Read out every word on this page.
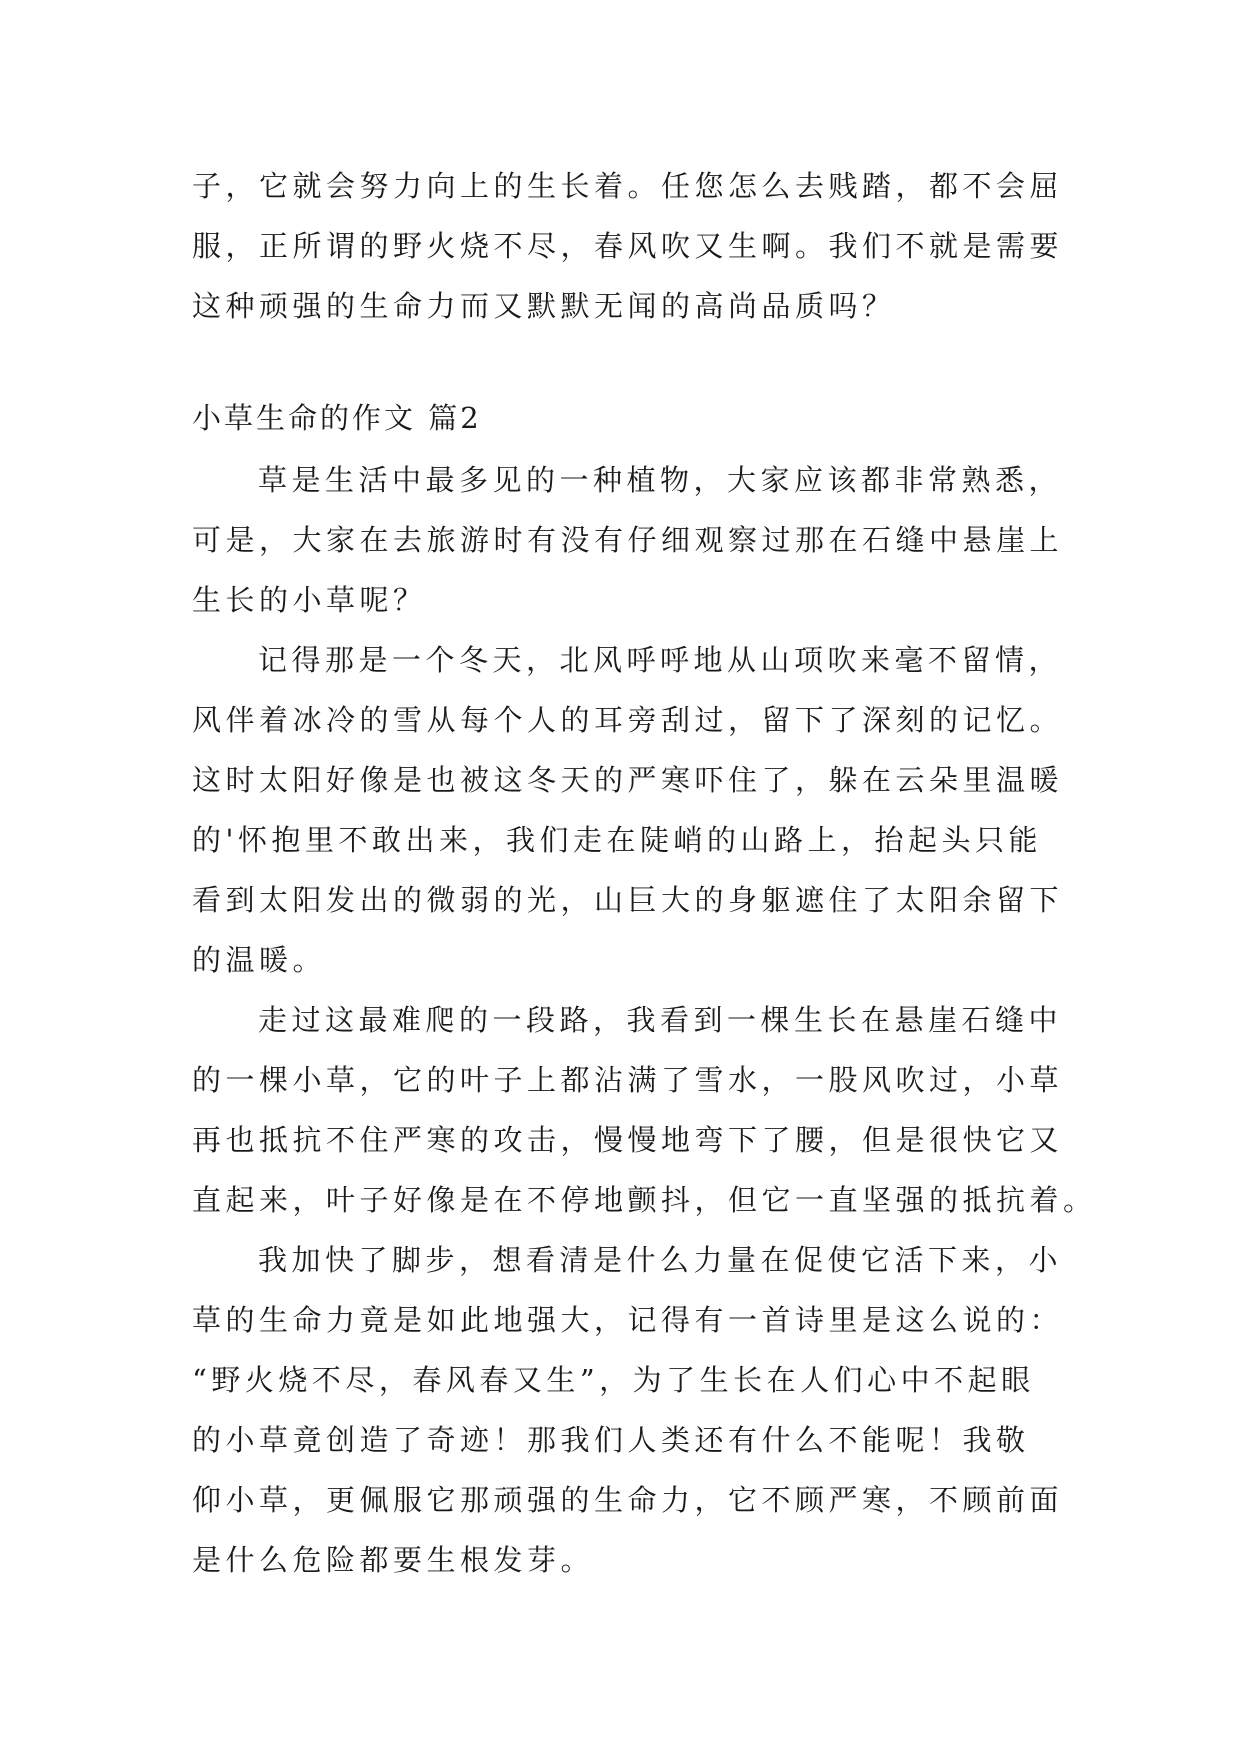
子，它就会努力向上的生长着。任您怎么去贱踏，都不会屈
服，正所谓的野火烧不尽，春风吹又生啊。我们不就是需要
这种顽强的生命力而又默默无闻的高尚品质吗？
小草生命的作文 篇2
草是生活中最多见的一种植物，大家应该都非常熟悉，
可是，大家在去旅游时有没有仔细观察过那在石缝中悬崖上
生长的小草呢？
记得那是一个冬天，北风呼呼地从山项吹来毫不留情，
风伴着冰冷的雪从每个人的耳旁刮过，留下了深刻的记忆。
这时太阳好像是也被这冬天的严寒吓住了，躲在云朵里温暖
的'怀抱里不敢出来，我们走在陡峭的山路上，抬起头只能
看到太阳发出的微弱的光，山巨大的身躯遮住了太阳余留下
的温暖。
走过这最难爬的一段路，我看到一棵生长在悬崖石缝中
的一棵小草，它的叶子上都沾满了雪水，一股风吹过，小草
再也抵抗不住严寒的攻击，慢慢地弯下了腰，但是很快它又
直起来，叶子好像是在不停地颤抖，但它一直坚强的抵抗着。
我加快了脚步，想看清是什么力量在促使它活下来，小
草的生命力竟是如此地强大，记得有一首诗里是这么说的：
“野火烧不尽，春风春又生”，为了生长在人们心中不起眼
的小草竟创造了奇迹！那我们人类还有什么不能呢！我敬
仰小草，更佩服它那顽强的生命力，它不顾严寒，不顾前面
是什么危险都要生根发芽。
